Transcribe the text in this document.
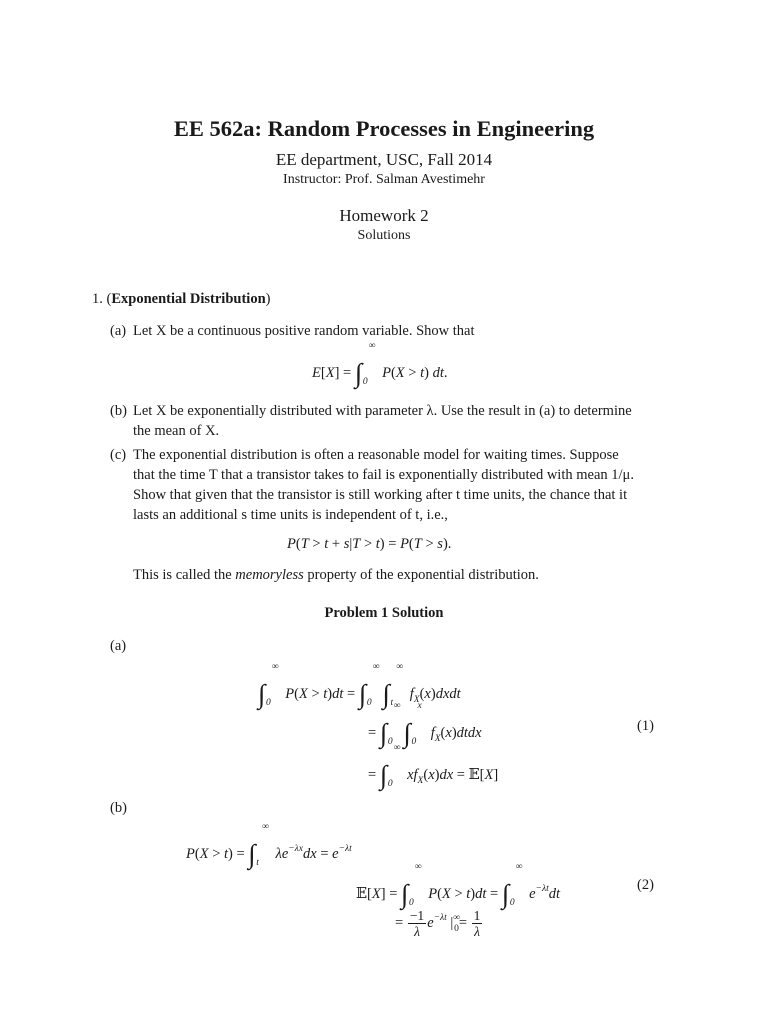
EE 562a: Random Processes in Engineering
EE department, USC, Fall 2014
Instructor: Prof. Salman Avestimehr
Homework 2
Solutions
1. (Exponential Distribution)
(a) Let X be a continuous positive random variable. Show that
E[X] = ∫
∞
0
P(X > t) dt.
(b) Let X be exponentially distributed with parameter λ. Use the result in (a) to determine
the mean of X.
(c) The exponential distribution is often a reasonable model for waiting times. Suppose
that the time T that a transistor takes to fail is exponentially distributed with mean 1/μ.
Show that given that the transistor is still working after t time units, the chance that it
lasts an additional s time units is independent of t, i.e.,
P(T > t + s|T > t) = P(T > s).
This is called the memoryless property of the exponential distribution.
Problem 1 Solution
(a)
∫
∞
0
P(X > t)dt = ∫
∞
0 ∫
∞
t
$f_X(x)dxdt$
= ∫
∞
0 ∫
x
0
$f_X(x)dtdx$	(1)
= ∫
∞
0
$xf_X(x)dx$ = 𝔼[X]
(b)
P(X > t) = ∫
∞
t
$\lambda e^{-\lambda x}dx = e^{-\lambda t}$
𝔼[X] = ∫
∞
0
P(X > t)dt = ∫
∞
0
$e^{-\lambda t}dt$
(2)
= $\frac{-1}{\lambda} e^{-\lambda t}$ $|^\infty_0= \frac{1}{\lambda}$
